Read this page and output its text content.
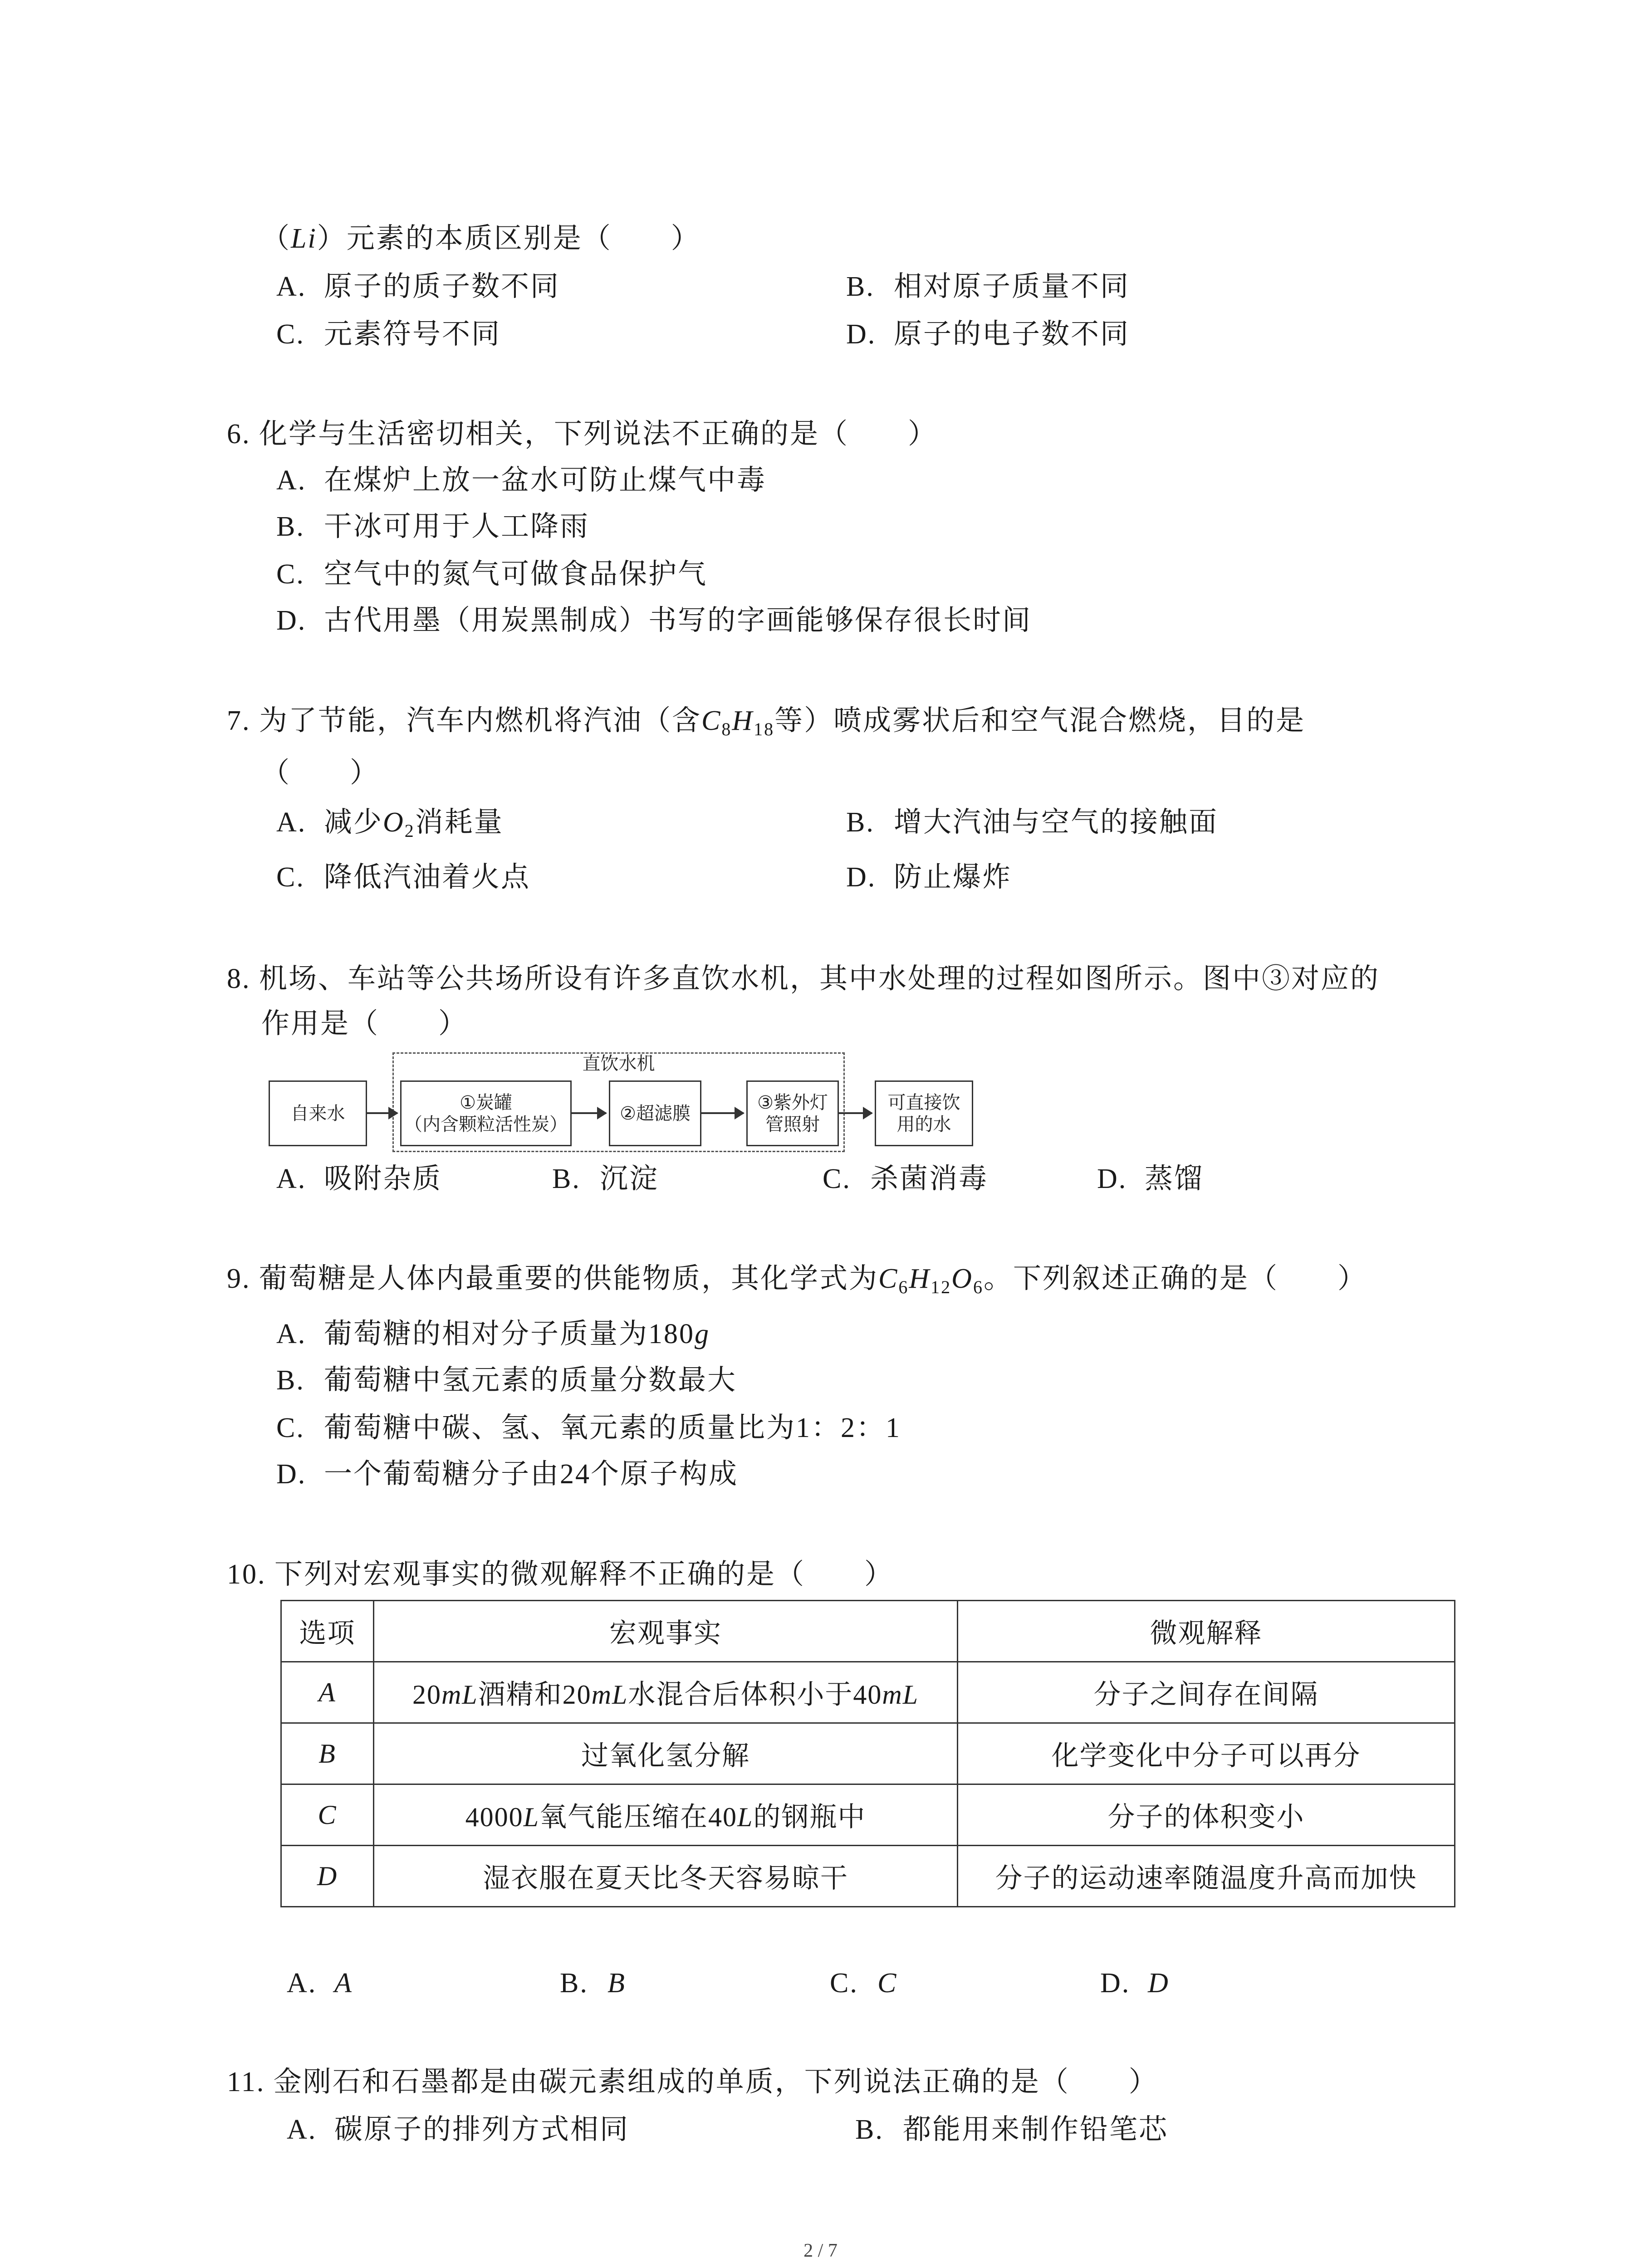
（Li）元素的本质区别是（　　）
A. 原子的质子数不同	B. 相对原子质量不同
C. 元素符号不同	D. 原子的电子数不同
6. 化学与生活密切相关，下列说法不正确的是（　　）
A. 在煤炉上放一盆水可防止煤气中毒
B. 干冰可用于人工降雨
C. 空气中的氮气可做食品保护气
D. 古代用墨（用炭黑制成）书写的字画能够保存很长时间
7. 为了节能，汽车内燃机将汽油（含$C_8H_{18}$等）喷成雾状后和空气混合燃烧，目的是
（　　）
A. 减少$O_2$消耗量	B. 增大汽油与空气的接触面
C. 降低汽油着火点	D. 防止爆炸
8. 机场、车站等公共场所设有许多直饮水机，其中水处理的过程如图所示。图中③对应的
作用是（　　）
直饮水机
自来水
①炭罐
（内含颗粒活性炭）
②超滤膜
③紫外灯
管照射
可直接饮
用的水
A. 吸附杂质	B. 沉淀	C. 杀菌消毒	D. 蒸馏
9. 葡萄糖是人体内最重要的供能物质，其化学式为$C_6H_{12}O_6$。下列叙述正确的是（　　）
A. 葡萄糖的相对分子质量为180g
B. 葡萄糖中氢元素的质量分数最大
C. 葡萄糖中碳、氢、氧元素的质量比为1：2：1
D. 一个葡萄糖分子由24个原子构成
10. 下列对宏观事实的微观解释不正确的是（　　）
选项	宏观事实	微观解释
A	20mL酒精和20mL水混合后体积小于40mL	分子之间存在间隔
B	过氧化氢分解	化学变化中分子可以再分
C	4000L氧气能压缩在40L的钢瓶中	分子的体积变小
D	湿衣服在夏天比冬天容易晾干	分子的运动速率随温度升高而加快
A. A	B. B	C. C	D. D
11. 金刚石和石墨都是由碳元素组成的单质，下列说法正确的是（　　）
A. 碳原子的排列方式相同	B. 都能用来制作铅笔芯
2 / 7
